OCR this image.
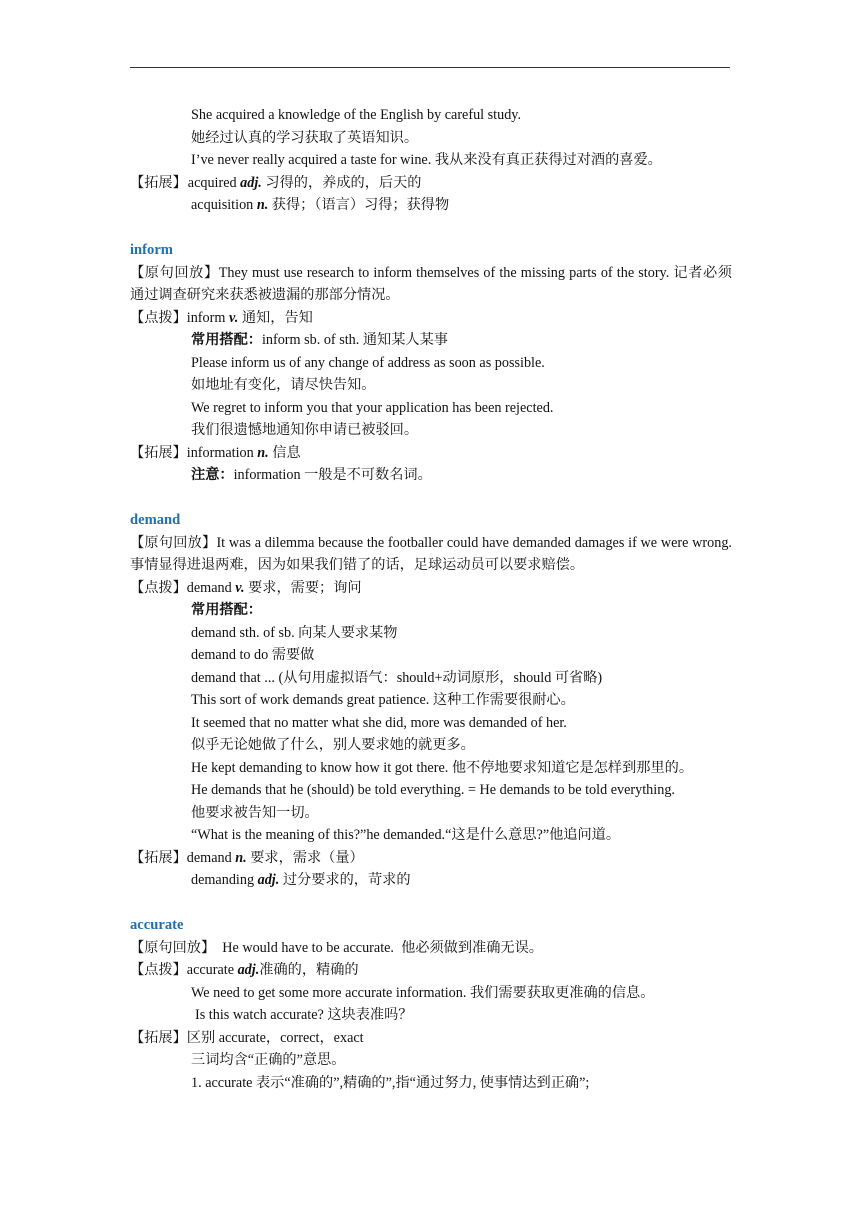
She acquired a knowledge of the English by careful study.
她经过认真的学习获取了英语知识。
I’ve never really acquired a taste for wine. 我从来没有真正获得过对酒的喜爱。
【拓展】acquired adj. 习得的，养成的，后天的
acquisition n. 获得；（语言）习得；获得物
inform
【原句回放】They must use research to inform themselves of the missing parts of the story. 记者必须通过调查研究来获悉被遗漏的那部分情况。
【点拨】inform v. 通知，告知
常用搭配：inform sb. of sth. 通知某人某事
Please inform us of any change of address as soon as possible.
如地址有变化，请尽快告知。
We regret to inform you that your application has been rejected.
我们很遗憾地通知你申请已被驳回。
【拓展】information n. 信息
注意：information 一般是不可数名词。
demand
【原句回放】It was a dilemma because the footballer could have demanded damages if we were wrong. 事情显得进退两难，因为如果我们错了的话，足球运动员可以要求赔偿。
【点拨】demand v. 要求，需要；询问
常用搭配：
demand sth. of sb. 向某人要求某物
demand to do 需要做
demand that ... (从句用虚拟语气：should+动词原形，should 可省略)
This sort of work demands great patience. 这种工作需要很耐心。
It seemed that no matter what she did, more was demanded of her.
似乎无论她做了什么，别人要求她的就更多。
He kept demanding to know how it got there. 他不停地要求知道它是怎样到那里的。
He demands that he (should) be told everything. = He demands to be told everything.
他要求被告知一切。
“What is the meaning of this?”he demanded.“这是什么意思?”他追问道。
【拓展】demand n. 要求，需求（量）
demanding adj. 过分要求的，苛求的
accurate
【原句回放】  He would have to be accurate.  他必须做到准确无误。
【点拨】accurate adj.准确的，精确的
We need to get some more accurate information. 我们需要获取更准确的信息。
Is this watch accurate? 这块表准吗？
【拓展】区别 accurate，correct，exact
三词均含“正确的”意思。
1. accurate 表示“准确的”,精确的”,指“通过努力, 使事情达到正确”;
